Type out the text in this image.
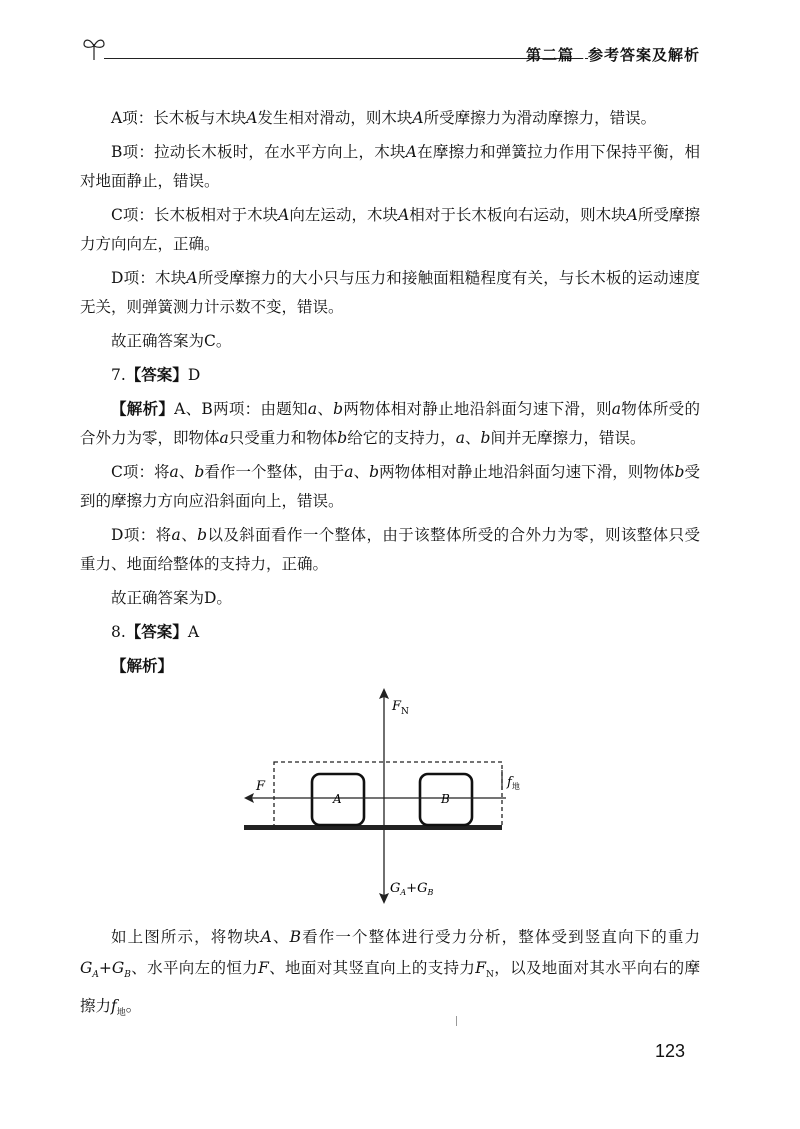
第二篇 参考答案及解析

A项：长木板与木块A发生相对滑动，则木块A所受摩擦力为滑动摩擦力，错误。

B项：拉动长木板时，在水平方向上，木块A在摩擦力和弹簧拉力作用下保持平衡，相对地面静止，错误。

C项：长木板相对于木块A向左运动，木块A相对于长木板向右运动，则木块A所受摩擦力方向向左，正确。

D项：木块A所受摩擦力的大小只与压力和接触面粗糙程度有关，与长木板的运动速度无关，则弹簧测力计示数不变，错误。

故正确答案为C。

7.【答案】D

【解析】A、B两项：由题知a、b两物体相对静止地沿斜面匀速下滑，则a物体所受的合外力为零，即物体a只受重力和物体b给它的支持力，a、b间并无摩擦力，错误。

C项：将a、b看作一个整体，由于a、b两物体相对静止地沿斜面匀速下滑，则物体b受到的摩擦力方向应沿斜面向上，错误。

D项：将a、b以及斜面看作一个整体，由于该整体所受的合外力为零，则该整体只受重力、地面给整体的支持力，正确。

故正确答案为D。

8.【答案】A

【解析】

$F_N$
F	$f_地$
A	B
$G_A+G_B$

如上图所示，将物块A、B看作一个整体进行受力分析，整体受到竖直向下的重力$G_A+G_B$、水平向左的恒力F、地面对其竖直向上的支持力$F_N$，以及地面对其水平向右的摩擦力$f_地$。

123
